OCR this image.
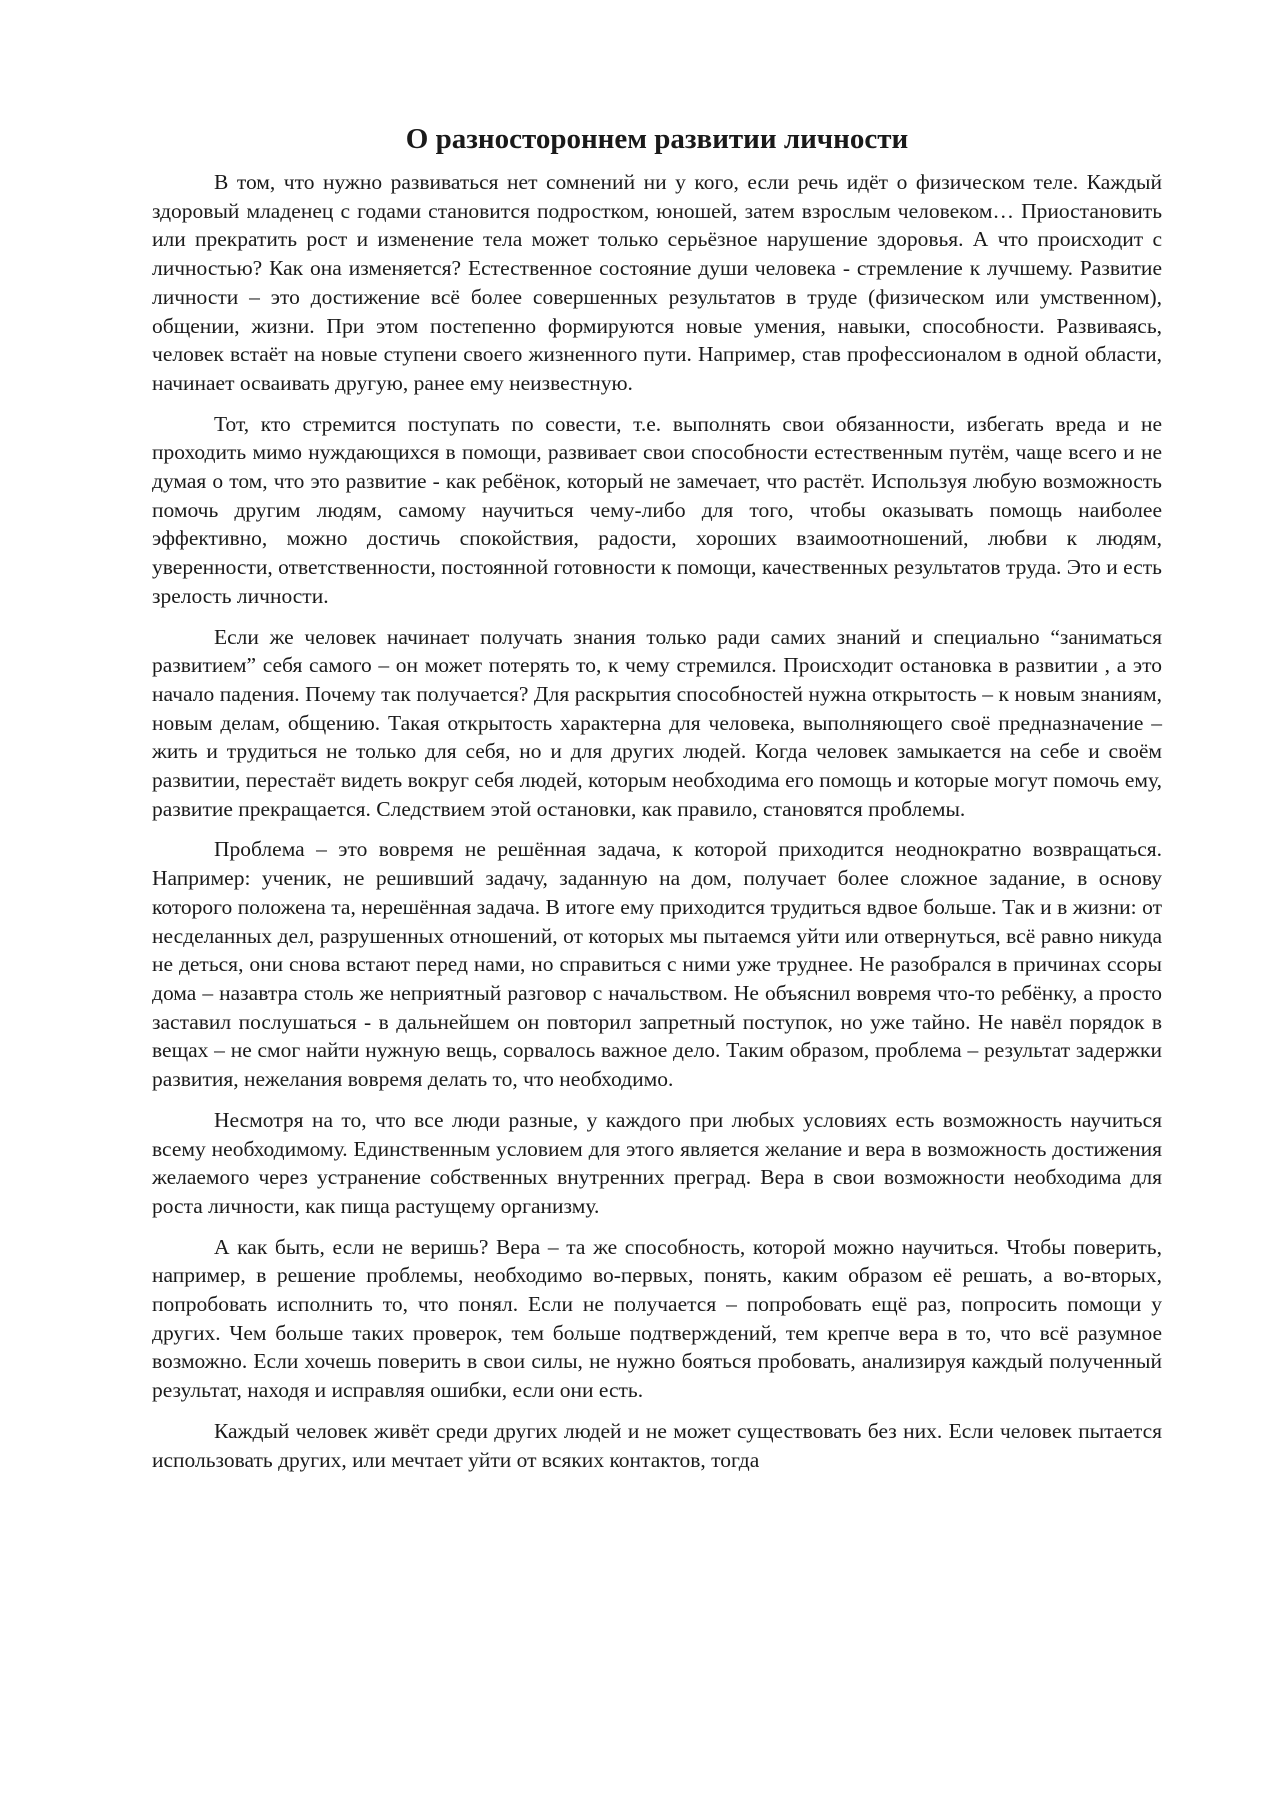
О разностороннем развитии личности

В том, что нужно развиваться нет сомнений ни у кого, если речь идёт о физическом теле. Каждый здоровый младенец с годами становится подростком, юношей, затем взрослым человеком… Приостановить или прекратить рост и изменение тела может только серьёзное нарушение здоровья. А что происходит с личностью? Как она изменяется? Естественное состояние души человека - стремление к лучшему. Развитие личности – это достижение всё более совершенных результатов в труде (физическом или умственном), общении, жизни. При этом постепенно формируются новые умения, навыки, способности. Развиваясь, человек встаёт на новые ступени своего жизненного пути. Например, став профессионалом в одной области, начинает осваивать другую, ранее ему неизвестную.

Тот, кто стремится поступать по совести, т.е. выполнять свои обязанности, избегать вреда и не проходить мимо нуждающихся в помощи, развивает свои способности естественным путём, чаще всего и не думая о том, что это развитие - как ребёнок, который не замечает, что растёт. Используя любую возможность помочь другим людям, самому научиться чему-либо для того, чтобы оказывать помощь наиболее эффективно, можно достичь спокойствия, радости, хороших взаимоотношений, любви к людям, уверенности, ответственности, постоянной готовности к помощи, качественных результатов труда. Это и есть зрелость личности.

Если же человек начинает получать знания только ради самих знаний и специально “заниматься развитием” себя самого – он может потерять то, к чему стремился. Происходит остановка в развитии , а это начало падения. Почему так получается? Для раскрытия способностей нужна открытость – к новым знаниям, новым делам, общению. Такая открытость характерна для человека, выполняющего своё предназначение – жить и трудиться не только для себя, но и для других людей. Когда человек замыкается на себе и своём развитии, перестаёт видеть вокруг себя людей, которым необходима его помощь и которые могут помочь ему, развитие прекращается. Следствием этой остановки, как правило, становятся проблемы.

Проблема – это вовремя не решённая задача, к которой приходится неоднократно возвращаться. Например: ученик, не решивший задачу, заданную на дом, получает более сложное задание, в основу которого положена та, нерешённая задача. В итоге ему приходится трудиться вдвое больше. Так и в жизни: от несделанных дел, разрушенных отношений, от которых мы пытаемся уйти или отвернуться, всё равно никуда не деться, они снова встают перед нами, но справиться с ними уже труднее. Не разобрался в причинах ссоры дома – назавтра столь же неприятный разговор с начальством. Не объяснил вовремя что-то ребёнку, а просто заставил послушаться - в дальнейшем он повторил запретный поступок, но уже тайно. Не навёл порядок в вещах – не смог найти нужную вещь, сорвалось важное дело. Таким образом, проблема – результат задержки развития, нежелания вовремя делать то, что необходимо.

Несмотря на то, что все люди разные, у каждого при любых условиях есть возможность научиться всему необходимому. Единственным условием для этого является желание и вера в возможность достижения желаемого через устранение собственных внутренних преград. Вера в свои возможности необходима для роста личности, как пища растущему организму.

А как быть, если не веришь? Вера – та же способность, которой можно научиться. Чтобы поверить, например, в решение проблемы, необходимо во-первых, понять, каким образом её решать, а во-вторых, попробовать исполнить то, что понял. Если не получается – попробовать ещё раз, попросить помощи у других. Чем больше таких проверок, тем больше подтверждений, тем крепче вера в то, что всё разумное возможно. Если хочешь поверить в свои силы, не нужно бояться пробовать, анализируя каждый полученный результат, находя и исправляя ошибки, если они есть.

Каждый человек живёт среди других людей и не может существовать без них. Если человек пытается использовать других, или мечтает уйти от всяких контактов, тогда
